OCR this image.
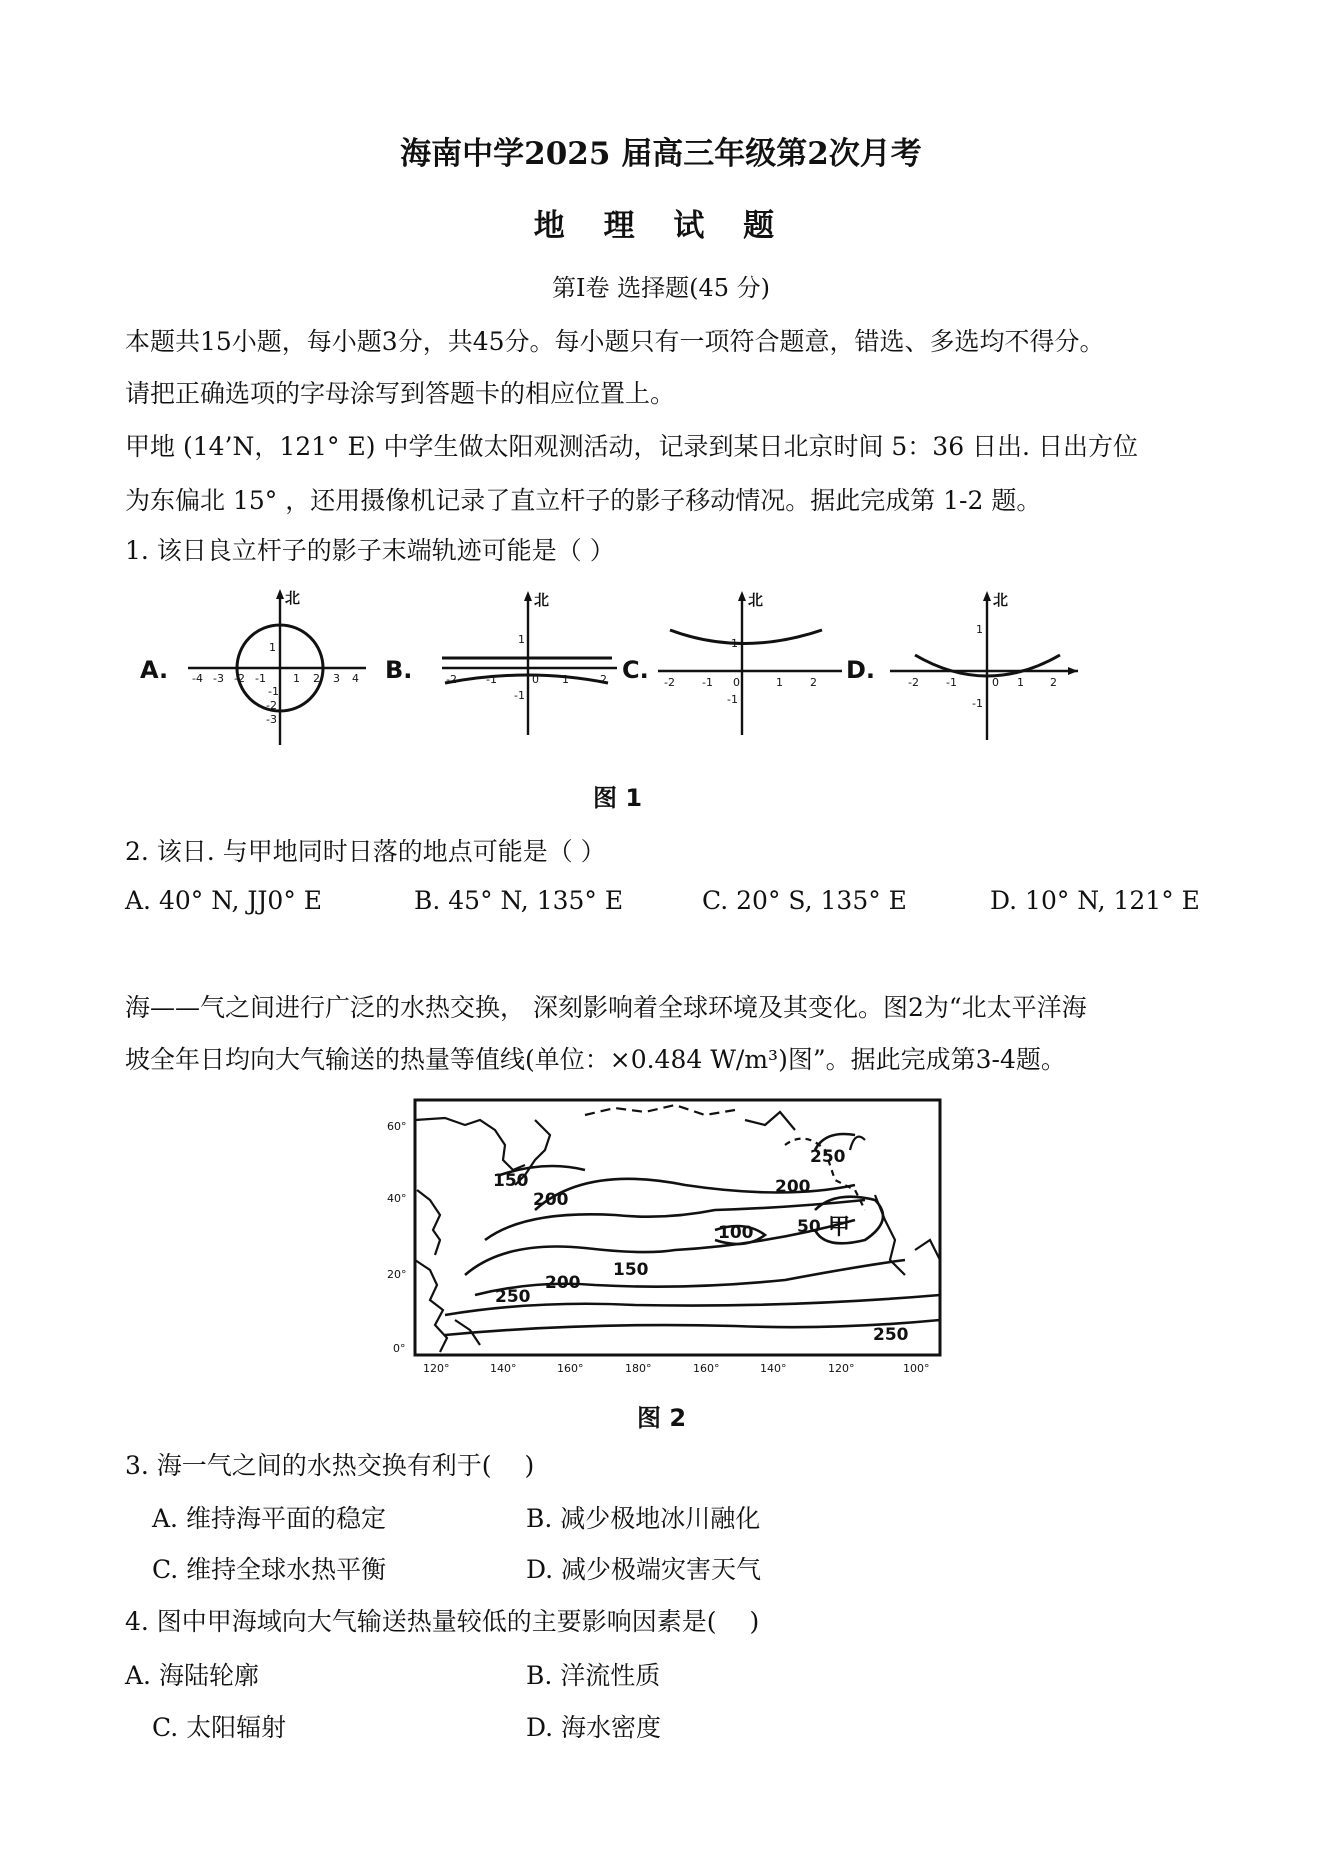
海南中学2025 届高三年级第2次月考
地 理 试 题
第Ⅰ卷 选择题(45 分)
本题共15小题，每小题3分，共45分。每小题只有一项符合题意，错选、多选均不得分。
请把正确选项的字母涂写到答题卡的相应位置上。
甲地 (14’N，121° E) 中学生做太阳观测活动，记录到某日北京时间 5：36 日出. 日出方位
为东偏北 15° ，还用摄像机记录了直立杆子的影子移动情况。据此完成第 1-2 题。
1. 该日良立杆子的影子末端轨迹可能是（ ）
A.	B.	C.	D.
北	北	北	北
-4 -3 -2 -1 1 2 3 4
1
-1
-2
-3
-2	-1	0 1	2
1
-1
-2 -1 0	1 2
1
-1
-2 -1	0 1 2
1
-1
图 1
2. 该日. 与甲地同时日落的地点可能是（ ）
A. 40° N, JJ0° E	B. 45° N, 135° E	C. 20° S, 135° E	D. 10° N, 121° E
海——气之间进行广泛的水热交换， 深刻影响着全球环境及其变化。图2为“北太平洋海
坡全年日均向大气输送的热量等值线(单位：×0.484 W/m³)图”。据此完成第3-4题。
150
200
250
200
100	50
200
150
250
250
甲
60°
40°
20°
0°
120°	140°	160°	180°	160°	140°	120°	100°
图 2
3. 海一气之间的水热交换有利于(　 )
A. 维持海平面的稳定	B. 减少极地冰川融化
C. 维持全球水热平衡	D. 减少极端灾害天气
4. 图中甲海域向大气输送热量较低的主要影响因素是(　 )
A. 海陆轮廓	B. 洋流性质
C. 太阳辐射	D. 海水密度
